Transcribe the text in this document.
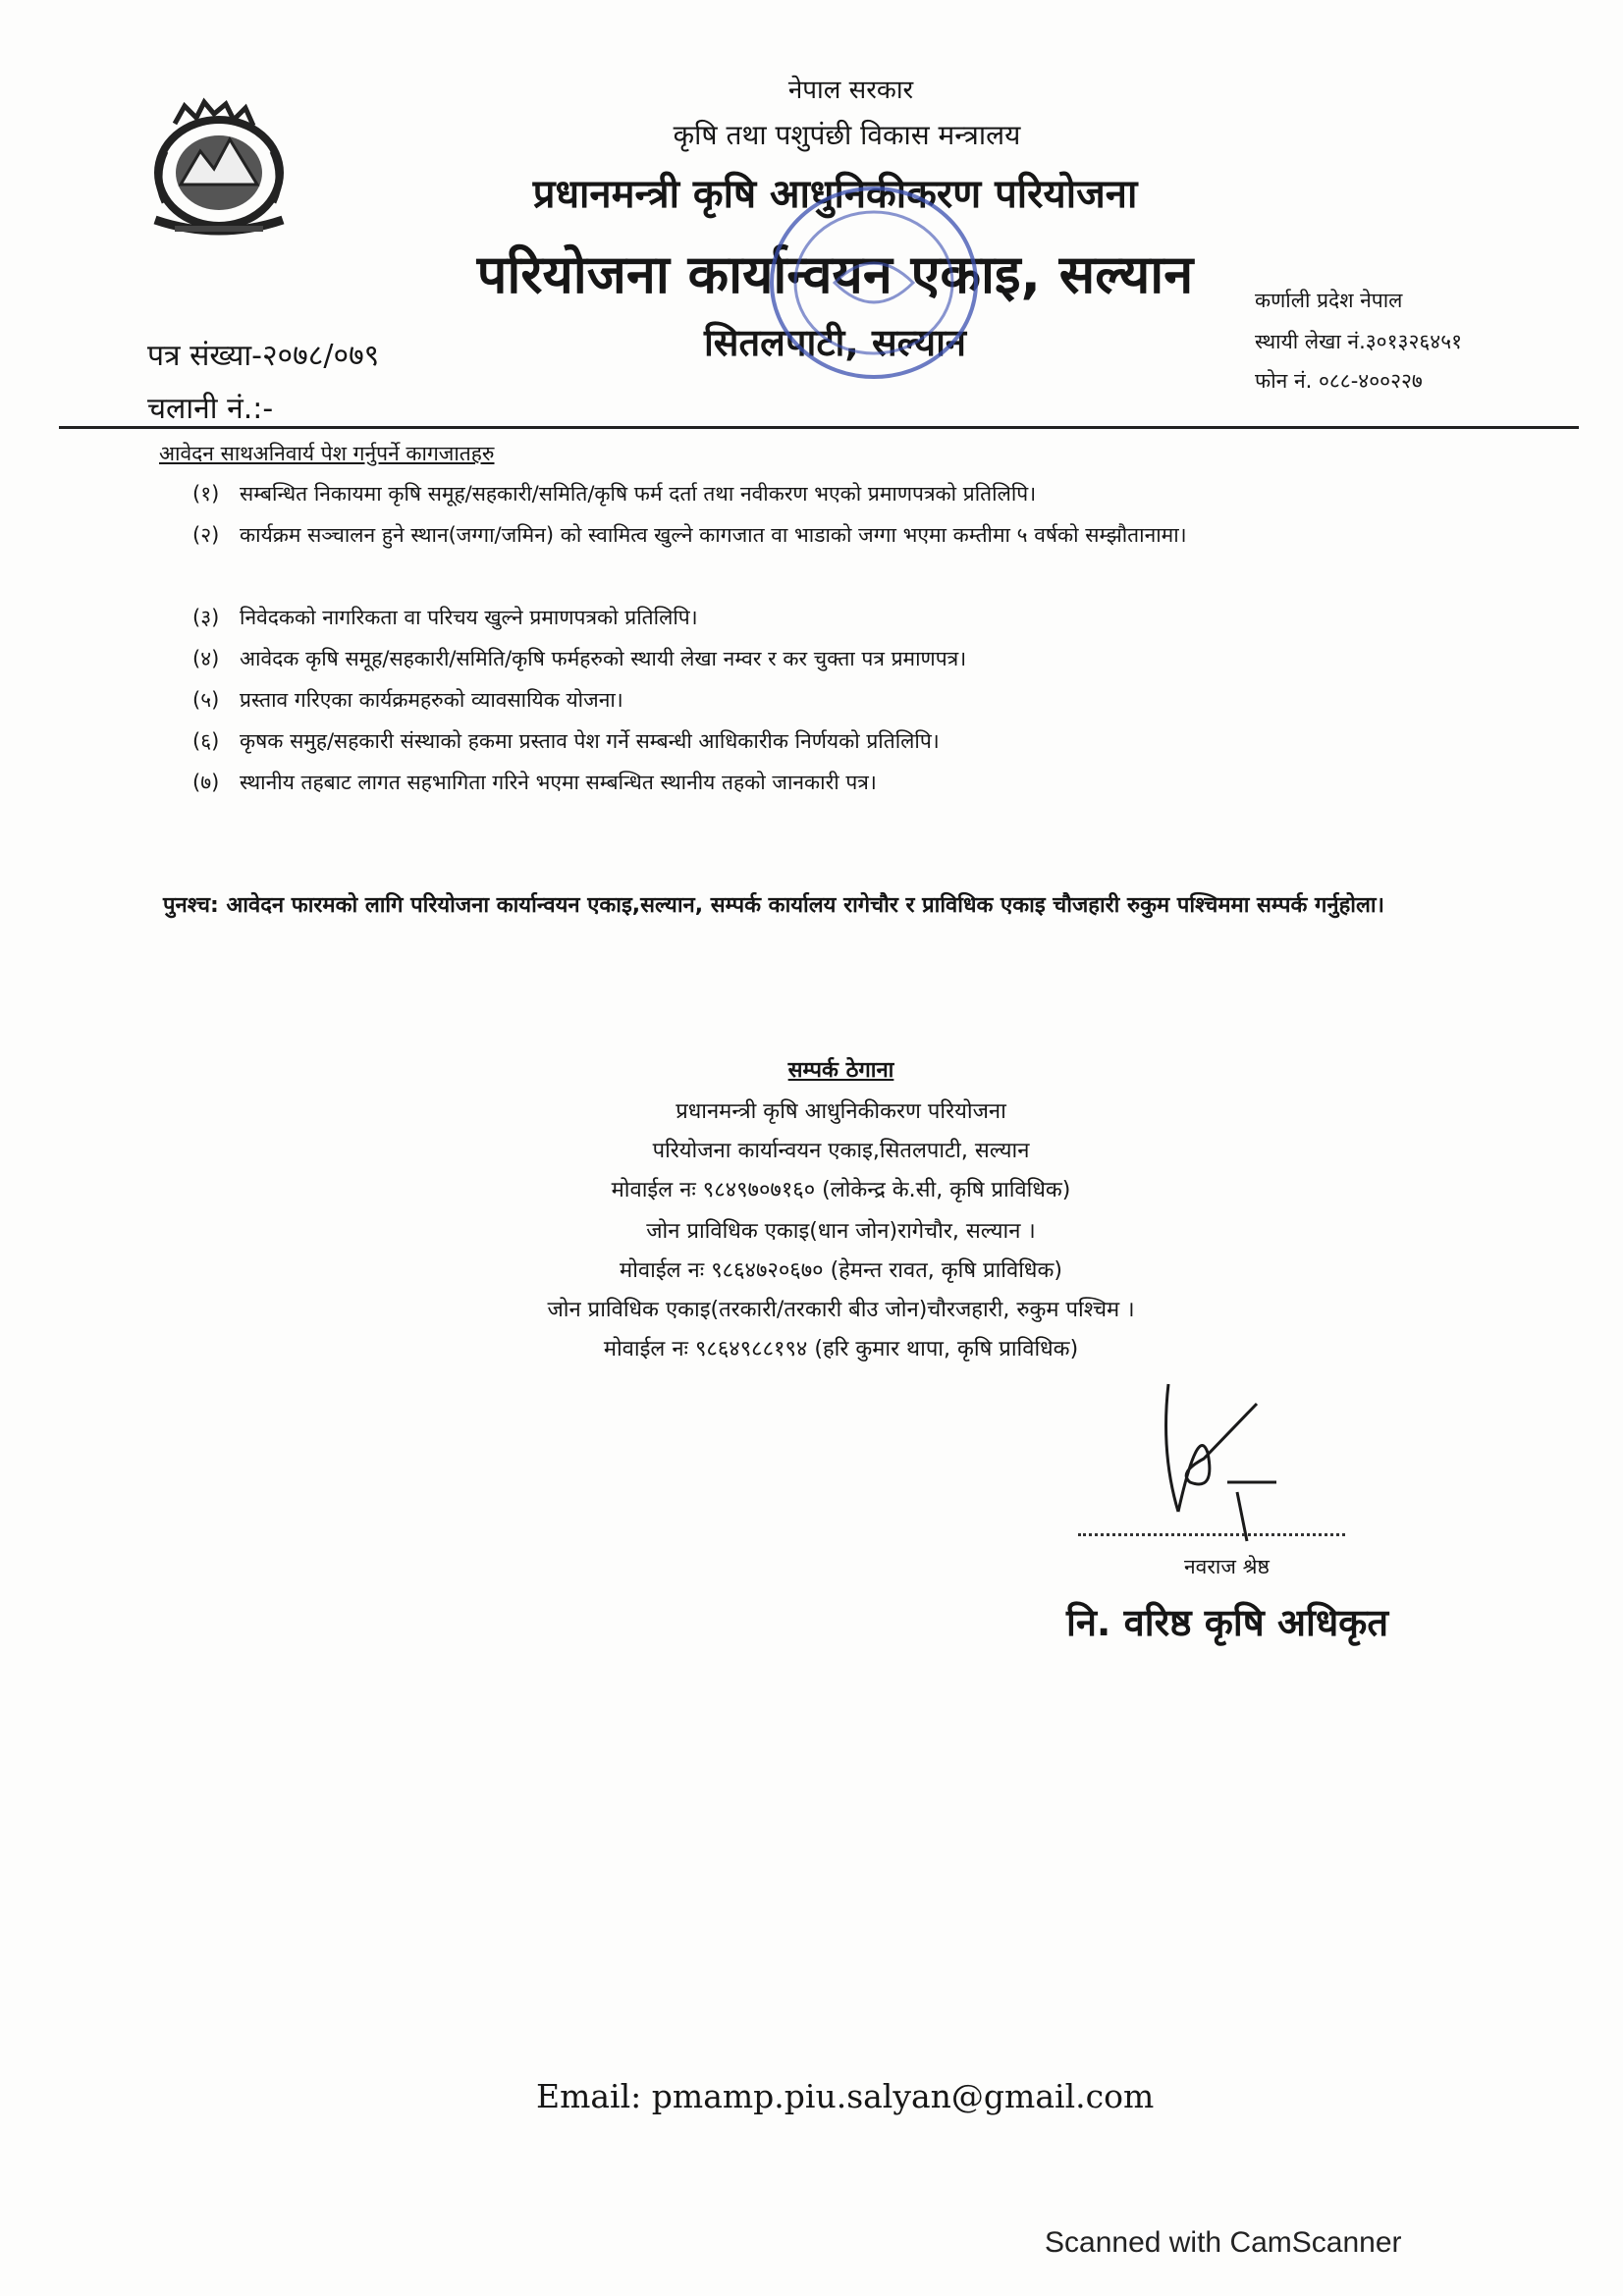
नेपाल सरकार
कृषि तथा पशुपंछी विकास मन्त्रालय
प्रधानमन्त्री कृषि आधुनिकीकरण परियोजना
परियोजना कार्यान्वयन एकाइ, सल्यान
सितलपाटी, सल्यान
कर्णाली प्रदेश नेपाल
स्थायी लेखा नं.३०१३२६४५१
फोन नं. ०८८-४००२२७
पत्र संख्या-२०७८/०७९
चलानी नं.:-
आवेदन साथअनिवार्य पेश गर्नुपर्ने कागजातहरु
(१) सम्बन्धित निकायमा कृषि समूह/सहकारी/समिति/कृषि फर्म दर्ता तथा नवीकरण भएको प्रमाणपत्रको प्रतिलिपि।
(२) कार्यक्रम सञ्चालन हुने स्थान(जग्गा/जमिन) को स्वामित्व खुल्ने कागजात वा भाडाको जग्गा भएमा कम्तीमा ५ वर्षको सम्झौतानामा।
(३) निवेदकको नागरिकता वा परिचय खुल्ने प्रमाणपत्रको प्रतिलिपि।
(४) आवेदक कृषि समूह/सहकारी/समिति/कृषि फर्महरुको स्थायी लेखा नम्वर र कर चुक्ता पत्र प्रमाणपत्र।
(५) प्रस्ताव गरिएका कार्यक्रमहरुको व्यावसायिक योजना।
(६) कृषक समुह/सहकारी संस्थाको हकमा प्रस्ताव पेश गर्ने सम्बन्धी आधिकारीक निर्णयको प्रतिलिपि।
(७) स्थानीय तहबाट लागत सहभागिता गरिने भएमा सम्बन्धित स्थानीय तहको जानकारी पत्र।
पुनश्च: आवेदन फारमको लागि परियोजना कार्यान्वयन एकाइ,सल्यान, सम्पर्क कार्यालय रागेचौर र प्राविधिक एकाइ चौजहारी रुकुम पश्चिममा सम्पर्क गर्नुहोला।
सम्पर्क ठेगाना
प्रधानमन्त्री कृषि आधुनिकीकरण परियोजना
परियोजना कार्यान्वयन एकाइ,सितलपाटी, सल्यान
मोवाईल नः ९८४९७०७१६० (लोकेन्द्र के.सी, कृषि प्राविधिक)
जोन प्राविधिक एकाइ(धान जोन)रागेचौर, सल्यान ।
मोवाईल नः ९८६४७२०६७० (हेमन्त रावत, कृषि प्राविधिक)
जोन प्राविधिक एकाइ(तरकारी/तरकारी बीउ जोन)चौरजहारी, रुकुम पश्चिम ।
मोवाईल नः ९८६४९८८१९४ (हरि कुमार थापा, कृषि प्राविधिक)
नवराज श्रेष्ठ
नि. वरिष्ठ कृषि अधिकृत
Email: pmamp.piu.salyan@gmail.com
Scanned with CamScanner
